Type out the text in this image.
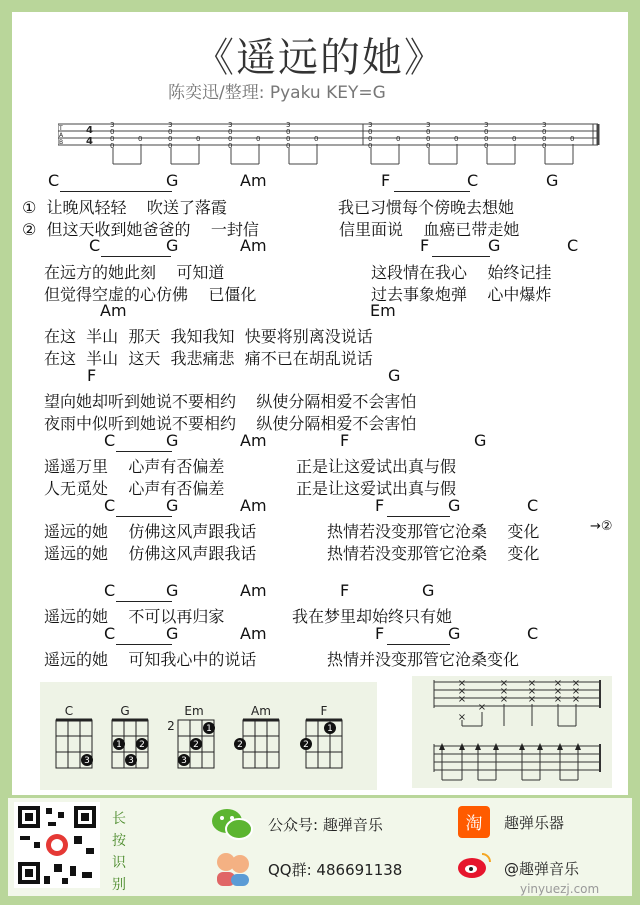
《遥远的她》
陈奕迅/整理: Pyaku KEY=G
T
A
B
4
4
3
0
0
0
0
3
0
0
0
0
3
0
0
0
0
3
0
0
0
0
3
0
0
0
0
3
0
0
0
0
3
0
0
0
0
3
0
0
0
0
C	G	Am	F	C	G
①  让晚风轻轻    吹送了落霞	我已习惯每个傍晚去想她
②  但这天收到她爸爸的    一封信	信里面说    血癌已带走她
C	G	Am	F	G	C
在远方的她此刻    可知道	这段情在我心    始终记挂
但觉得空虚的心仿佛    已僵化	过去事象炮弹    心中爆炸
Am	Em
在这  半山  那天  我知我知  快要将别离没说话
在这  半山  这天  我悲痛悲  痛不已在胡乱说话
F	G
望向她却听到她说不要相约    纵使分隔相爱不会害怕
夜雨中似听到她说不要相约    纵使分隔相爱不会害怕
C	G	Am	F	G
遥遥万里    心声有否偏差	正是让这爱试出真与假
人无觅处    心声有否偏差	正是让这爱试出真与假
C	G	Am	F	G	C
遥远的她    仿佛这风声跟我话	热情若没变那管它沧桑    变化	→②
遥远的她    仿佛这风声跟我话	热情若没变那管它沧桑    变化
C	G	Am	F	G
遥远的她    不可以再归家	我在梦里却始终只有她
C	G	Am	F	G	C
遥远的她    可知我心中的说话	热情并没变那管它沧桑变化
C	G	Em	Am	F
2
3
1 2
3
1
2
3
2
1
2
×
×
×
×
×
×
×
×
×
×
×
×
×
×
×
×
×
长
按
识
别
公众号: 趣弹音乐	淘 趣弹乐器
QQ群: 486691138	@趣弹音乐
yinyuezj.com
